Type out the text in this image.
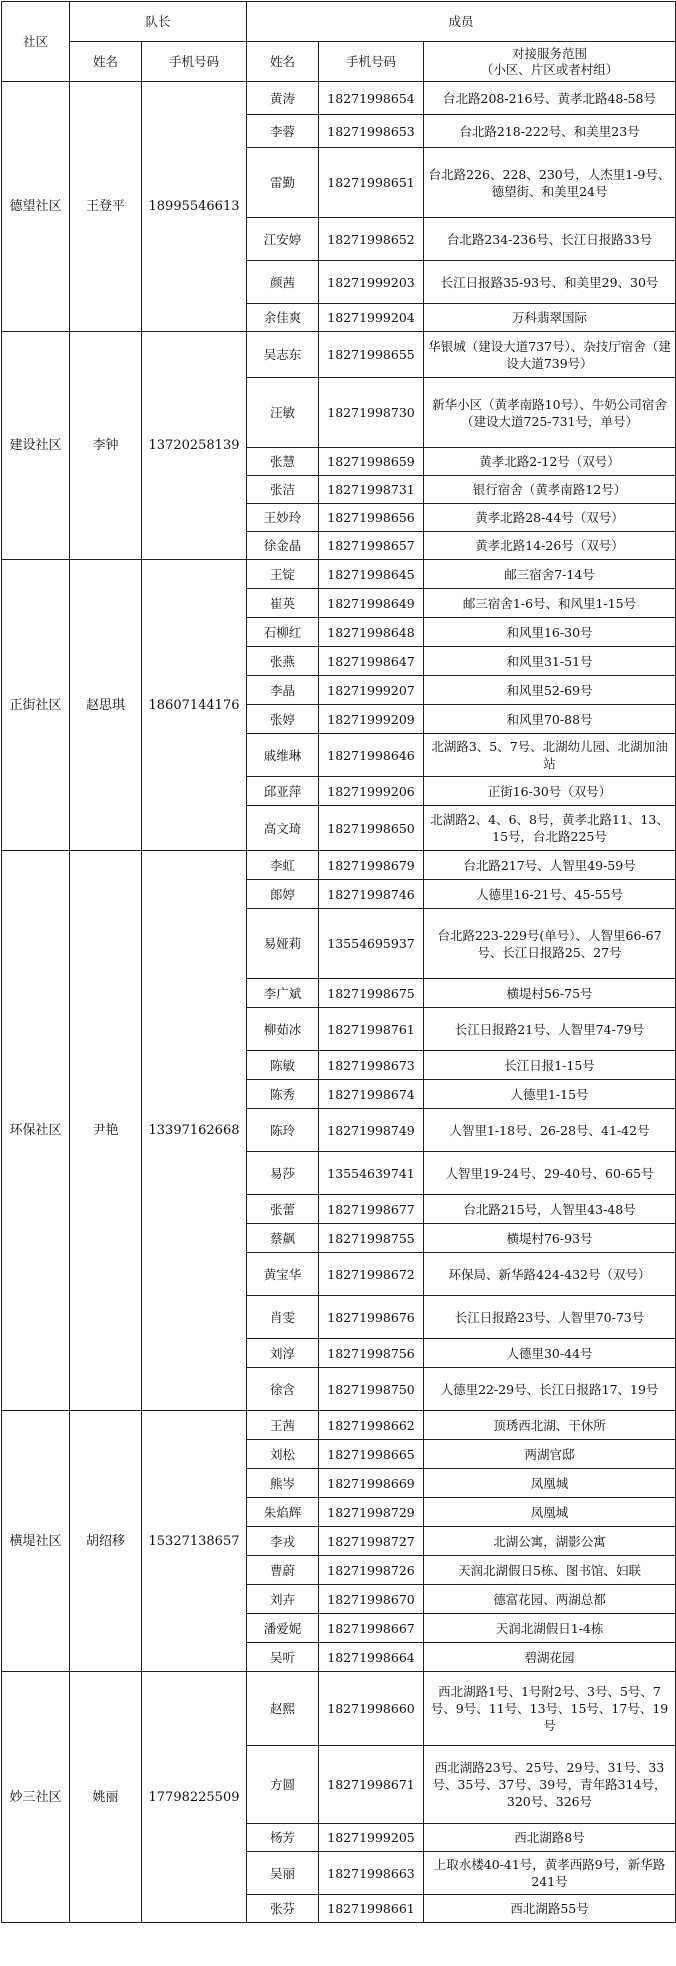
社区	队长		成员		
	姓名	手机号码	姓名	手机号码	对接服务范围
（小区、片区或者村组）
德望社区	王登平	18995546613	黄涛	18271998654	台北路208-216号、黄孝北路48-58号
			李蓉	18271998653	台北路218-222号、和美里23号
			雷勤	18271998651	台北路226、228、230号，人杰里1-9号、德望街、和美里24号
			江安婷	18271998652	台北路234-236号、长江日报路33号
			颜茜	18271999203	长江日报路35-93号、和美里29、30号
			余佳爽	18271999204	万科翡翠国际
建设社区	李钟	13720258139	吴志东	18271998655	华银城（建设大道737号）、杂技厅宿舍（建设大道739号）
			汪敏	18271998730	新华小区（黄孝南路10号）、牛奶公司宿舍（建设大道725-731号，单号）
			张慧	18271998659	黄孝北路2-12号（双号）
			张洁	18271998731	银行宿舍（黄孝南路12号）
			王妙玲	18271998656	黄孝北路28-44号（双号）
			徐金晶	18271998657	黄孝北路14-26号（双号）
正街社区	赵思琪	18607144176	王锭	18271998645	邮三宿舍7-14号
			崔英	18271998649	邮三宿舍1-6号、和风里1-15号
			石柳红	18271998648	和风里16-30号
			张燕	18271998647	和风里31-51号
			李晶	18271999207	和风里52-69号
			张婷	18271999209	和风里70-88号
			戚维琳	18271998646	北湖路3、5、7号、北湖幼儿园、北湖加油站
			邱亚萍	18271999206	正街16-30号（双号）
			高文琦	18271998650	北湖路2、4、6、8号，黄孝北路11、13、15号，台北路225号
环保社区	尹艳	13397162668	李虹	18271998679	台北路217号、人智里49-59号
			郎婷	18271998746	人德里16-21号、45-55号
			易娅莉	13554695937	台北路223-229号(单号）、人智里66-67号、长江日报路25、27号
			李广斌	18271998675	横堤村56-75号
			柳茹冰	18271998761	长江日报路21号、人智里74-79号
			陈敏	18271998673	长江日报1-15号
			陈秀	18271998674	人德里1-15号
			陈玲	18271998749	人智里1-18号、26-28号、41-42号
			易莎	13554639741	人智里19-24号、29-40号、60-65号
			张蕾	18271998677	台北路215号，人智里43-48号
			蔡飙	18271998755	横堤村76-93号
			黄宝华	18271998672	环保局、新华路424-432号（双号）
			肖雯	18271998676	长江日报路23号、人智里70-73号
			刘淳	18271998756	人德里30-44号
			徐含	18271998750	人德里22-29号、长江日报路17、19号
横堤社区	胡绍移	15327138657	王茜	18271998662	顶琇西北湖、干休所
			刘松	18271998665	两湖官邸
			熊岑	18271998669	凤凰城
			朱焰辉	18271998729	凤凰城
			李戎	18271998727	北湖公寓，湖影公寓
			曹蔚	18271998726	天润北湖假日5栋、图书馆、妇联
			刘卉	18271998670	德富花园、两湖总都
			潘爱妮	18271998667	天润北湖假日1-4栋
			吴听	18271998664	碧湖花园
妙三社区	姚丽	17798225509	赵熙	18271998660	西北湖路1号、1号附2号、3号、5号、7号、9号、11号、13号、15号、17号、19号
			方圆	18271998671	西北湖路23号、25号、29号、31号、33号、35号、37号、39号，青年路314号，320号、326号
			杨芳	18271999205	西北湖路8号
			吴丽	18271998663	上取水楼40-41号，黄孝西路9号，新华路241号
			张芬	18271998661	西北湖路55号
